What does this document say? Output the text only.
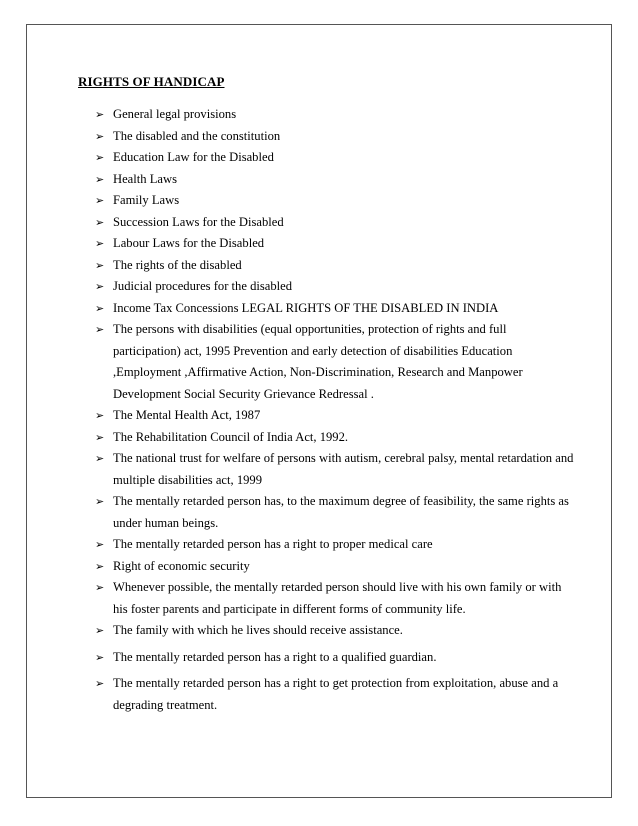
RIGHTS OF HANDICAP
➢ General legal provisions
➢ The disabled and the constitution
➢ Education Law for the Disabled
➢ Health Laws
➢ Family Laws
➢ Succession Laws for the Disabled
➢ Labour Laws for the Disabled
➢ The rights of the disabled
➢ Judicial procedures for the disabled
➢ Income Tax Concessions LEGAL RIGHTS OF THE DISABLED IN INDIA
➢ The persons with disabilities (equal opportunities, protection of rights and full participation) act, 1995 Prevention and early detection of disabilities Education ,Employment ,Affirmative Action, Non-Discrimination, Research and Manpower Development Social Security Grievance Redressal .
➢ The Mental Health Act, 1987
➢ The Rehabilitation Council of India Act, 1992.
➢ The national trust for welfare of persons with autism, cerebral palsy, mental retardation and multiple disabilities act, 1999
➢ The mentally retarded person has, to the maximum degree of feasibility, the same rights as under human beings.
➢ The mentally retarded person has a right to proper medical care
➢ Right of economic security
➢ Whenever possible, the mentally retarded person should live with his own family or with his foster parents and participate in different forms of community life.
➢ The family with which he lives should receive assistance.
➢ The mentally retarded person has a right to a qualified guardian.
➢ The mentally retarded person has a right to get protection from exploitation, abuse and a degrading treatment.
